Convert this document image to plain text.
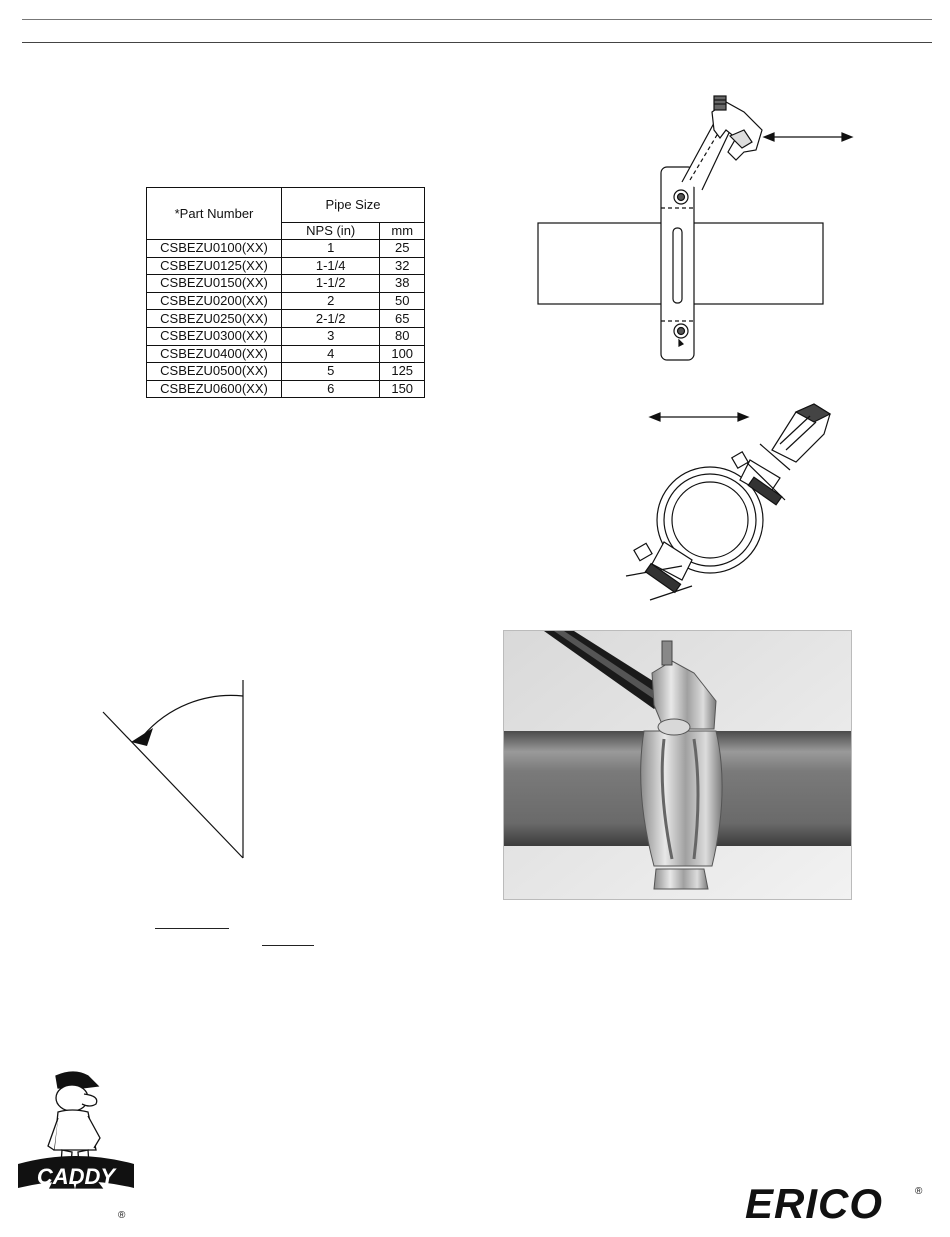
*Part Number	Pipe Size	
	NPS (in)	mm
CSBEZU0100(XX)	1	25
CSBEZU0125(XX)	1-1/4	32
CSBEZU0150(XX)	1-1/2	38
CSBEZU0200(XX)	2	50
CSBEZU0250(XX)	2-1/2	65
CSBEZU0300(XX)	3	80
CSBEZU0400(XX)	4	100
CSBEZU0500(XX)	5	125
CSBEZU0600(XX)	6	150
CADDY
®	ERICO	®
